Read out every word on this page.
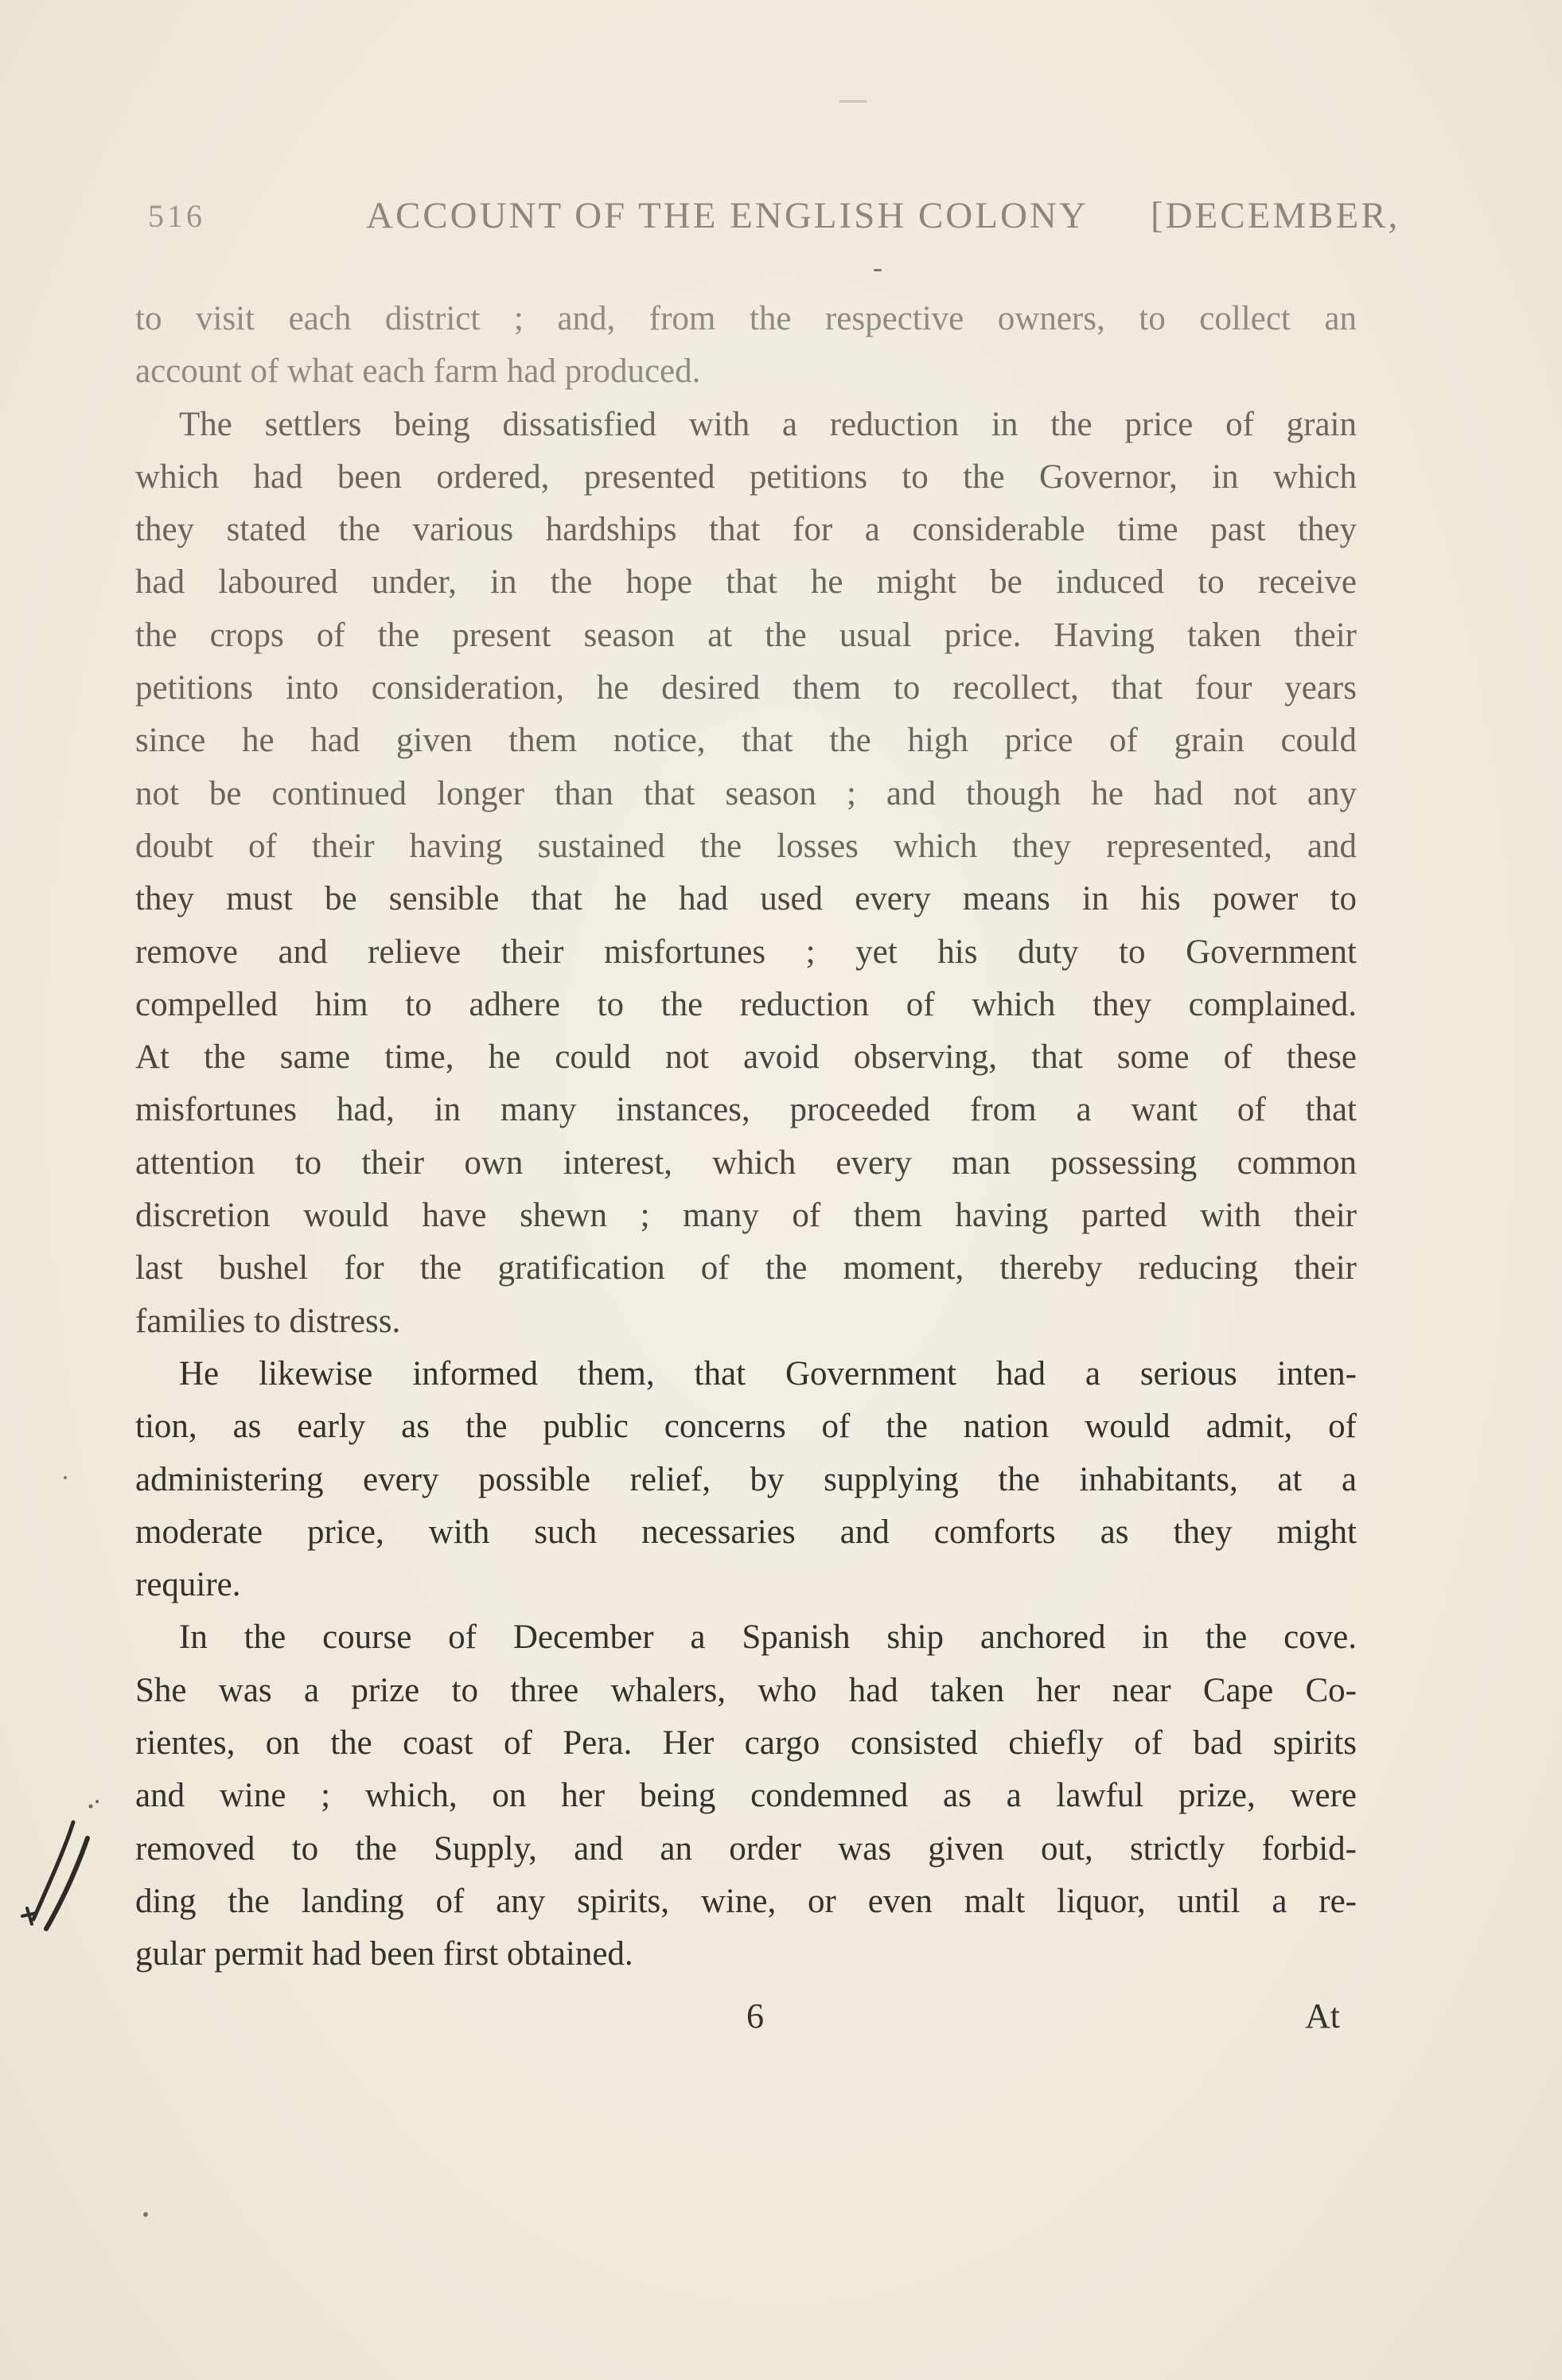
516	ACCOUNT OF THE ENGLISH COLONY [DECEMBER,
to visit each district ; and, from the respective owners, to collect an
account of what each farm had produced.
The settlers being dissatisfied with a reduction in the price of grain
which had been ordered, presented petitions to the Governor, in which
they stated the various hardships that for a considerable time past they
had laboured under, in the hope that he might be induced to receive
the crops of the present season at the usual price. Having taken their
petitions into consideration, he desired them to recollect, that four years
since he had given them notice, that the high price of grain could
not be continued longer than that season ; and though he had not any
doubt of their having sustained the losses which they represented, and
they must be sensible that he had used every means in his power to
remove and relieve their misfortunes ; yet his duty to Government
compelled him to adhere to the reduction of which they complained.
At the same time, he could not avoid observing, that some of these
misfortunes had, in many instances, proceeded from a want of that
attention to their own interest, which every man possessing common
discretion would have shewn ; many of them having parted with their
last bushel for the gratification of the moment, thereby reducing their
families to distress.
He likewise informed them, that Government had a serious inten-
tion, as early as the public concerns of the nation would admit, of
administering every possible relief, by supplying the inhabitants, at a
moderate price, with such necessaries and comforts as they might
require.
In the course of December a Spanish ship anchored in the cove.
She was a prize to three whalers, who had taken her near Cape Co-
rientes, on the coast of Pera. Her cargo consisted chiefly of bad spirits
and wine ; which, on her being condemned as a lawful prize, were
removed to the Supply, and an order was given out, strictly forbid-
ding the landing of any spirits, wine, or even malt liquor, until a re-
gular permit had been first obtained.
6	At
